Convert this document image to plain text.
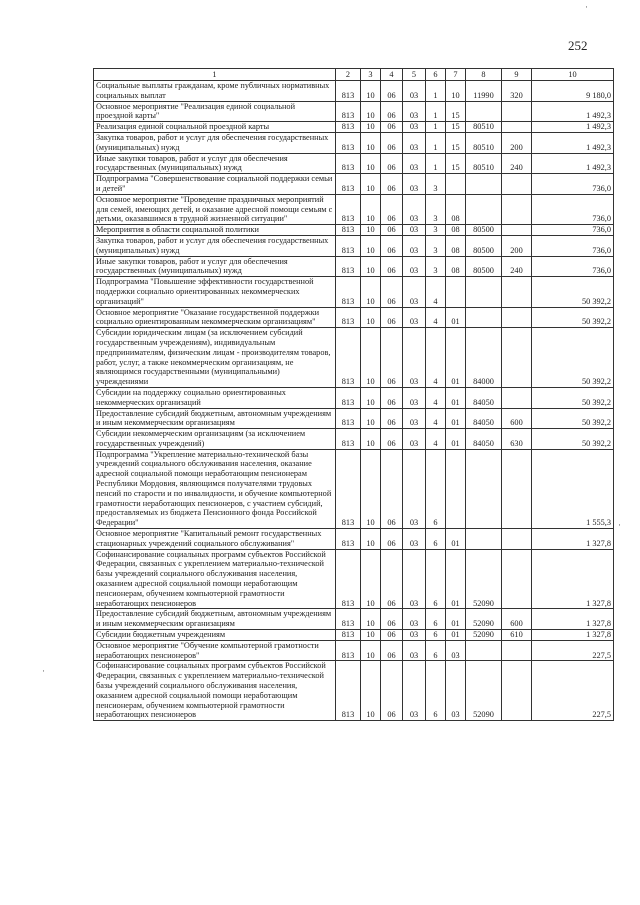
·
·
·
252
1	2	3	4	5	6	7	8	9	10
Социальные выплаты гражданам, кроме публичных нормативных социальных выплат	813	10	06	03	1	10	11990	320	9 180,0
Основное мероприятие "Реализация единой социальной проездной карты"	813	10	06	03	1	15			1 492,3
Реализация единой социальной проездной карты	813	10	06	03	1	15	80510		1 492,3
Закупка товаров, работ и услуг для обеспечения государственных (муниципальных) нужд	813	10	06	03	1	15	80510	200	1 492,3
Иные закупки товаров, работ и услуг для обеспечения государственных (муниципальных) нужд	813	10	06	03	1	15	80510	240	1 492,3
Подпрограмма "Совершенствование социальной поддержки семьи и детей"	813	10	06	03	3				736,0
Основное мероприятие "Проведение праздничных мероприятий для семей, имеющих детей, и оказание адресной помощи семьям с детьми, оказавшимся в трудной жизненной ситуации"	813	10	06	03	3	08			736,0
Мероприятия в области социальной политики	813	10	06	03	3	08	80500		736,0
Закупка товаров, работ и услуг для обеспечения государственных (муниципальных) нужд	813	10	06	03	3	08	80500	200	736,0
Иные закупки товаров, работ и услуг для обеспечения государственных (муниципальных) нужд	813	10	06	03	3	08	80500	240	736,0
Подпрограмма "Повышение эффективности государственной поддержки социально ориентированных некоммерческих организаций"	813	10	06	03	4				50 392,2
Основное мероприятие "Оказание государственной поддержки социально ориентированным некоммерческим организациям"	813	10	06	03	4	01			50 392,2
Субсидии юридическим лицам (за исключением субсидий государственным учреждениям), индивидуальным предпринимателям, физическим лицам - производителям товаров, работ, услуг, а также некоммерческим организациям, не являющимся государственными (муниципальными) учреждениями	813	10	06	03	4	01	84000		50 392,2
Субсидии на поддержку социально ориентированных некоммерческих организаций	813	10	06	03	4	01	84050		50 392,2
Предоставление субсидий бюджетным, автономным учреждениям и иным некоммерческим организациям	813	10	06	03	4	01	84050	600	50 392,2
Субсидии некоммерческим организациям (за исключением государственных учреждений)	813	10	06	03	4	01	84050	630	50 392,2
Подпрограмма "Укрепление материально-технической базы учреждений социального обслуживания населения, оказание адресной социальной помощи неработающим пенсионерам Республики Мордовия, являющимся получателями трудовых пенсий по старости и по инвалидности, и обучение компьютерной грамотности неработающих пенсионеров, с участием субсидий, предоставляемых из бюджета Пенсионного фонда Российской Федерации"	813	10	06	03	6				1 555,3
Основное мероприятие "Капитальный ремонт государственных стационарных учреждений социального обслуживания"	813	10	06	03	6	01			1 327,8
Софинансирование социальных программ субъектов Российской Федерации, связанных с укреплением материально-технической базы учреждений социального обслуживания населения, оказанием адресной социальной помощи неработающим пенсионерам, обучением компьютерной грамотности неработающих пенсионеров	813	10	06	03	6	01	52090		1 327,8
Предоставление субсидий бюджетным, автономным учреждениям и иным некоммерческим организациям	813	10	06	03	6	01	52090	600	1 327,8
Субсидии бюджетным учреждениям	813	10	06	03	6	01	52090	610	1 327,8
Основное мероприятие "Обучение компьютерной грамотности неработающих пенсионеров"	813	10	06	03	6	03			227,5
Софинансирование социальных программ субъектов Российской Федерации, связанных с укреплением материально-технической базы учреждений социального обслуживания населения, оказанием адресной социальной помощи неработающим пенсионерам, обучением компьютерной грамотности неработающих пенсионеров	813	10	06	03	6	03	52090		227,5
